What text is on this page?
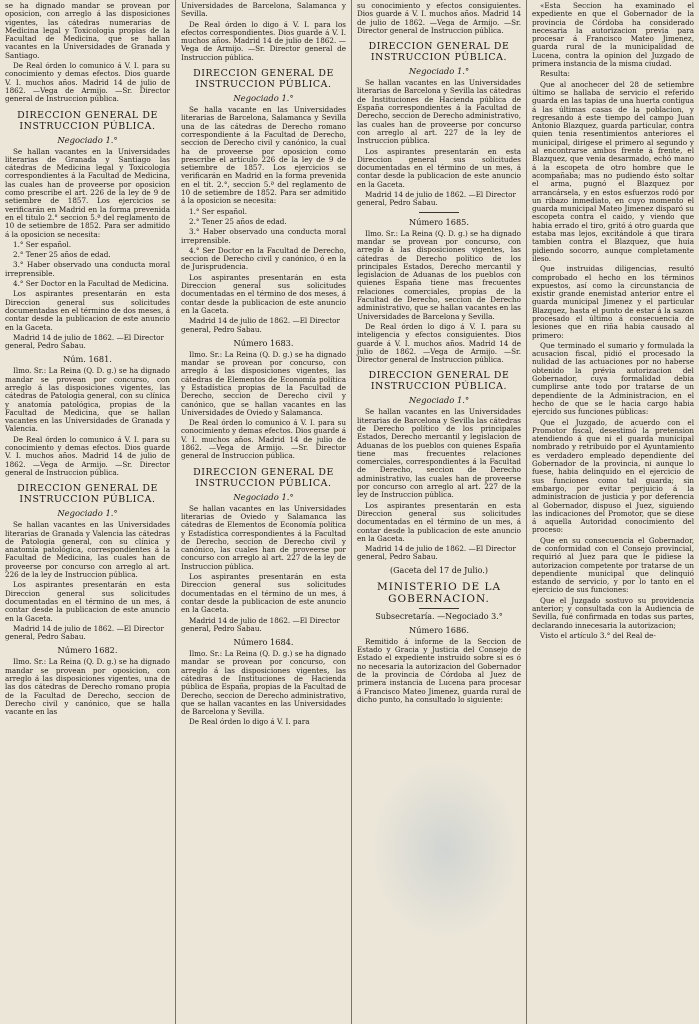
se ha dignado mandar se provean por oposicion, con arreglo á las disposiciones vigentes, las cátedras numerarias de Medicina legal y Toxicologia propias de la Facultad de Medicina, que se hallan vacantes en la Universidades de Granada y Santiago.

De Real órden lo comunico á V. I. para su conocimiento y demas efectos. Dios guarde V. I. muchos años. Madrid 14 de julio de 1862. —Vega de Armijo. —Sr. Director general de Instruccion pública.

DIRECCION GENERAL DE INSTRUCCION PÚBLICA.
Negociado 1.°

Se hallan vacantes en la Universidades literarias de Granada y Santiago las cátedras de Medicina legal y Toxicologia correspondientes á la Facultad de Medicina, las cuales han de proveerse por oposicion como prescribe el art. 226 de la ley de 9 de setiembre de 1857. Los ejercicios se verificarán en Madrid en la forma prevenida en el titulo 2.° seccion 5.ª del reglamento de 10 de setiembre de 1852. Para ser admitido á la oposicion se necesita:

1.° Ser español.

2.° Tener 25 años de edad.

3.° Haber observado una conducta moral irreprensible.

4.° Ser Doctor en la Facultad de Medicina.

Los aspirantes presentarán en esta Direccion general sus solicitudes documentadas en el término de dos meses, á contar desde la publicacion de este anuncio en la Gaceta.

Madrid 14 de julio de 1862. —El Director general, Pedro Sabau.

Núm. 1681.

Ilmo. Sr.: La Reina (Q. D. g.) se ha dignado mandar se provean por concurso, con arreglo á las disposiciones vigentes, las cátedras de Patologia general, con su clínica y anatomía patológica, propias de la Facultad de Medicina, que se hallan vacantes en las Universidades de Granada y Valencia.

De Real órden lo comunico á V. I. para su conocimiento y demas efectos. Dios guarde V. I. muchos años. Madrid 14 de julio de 1862. —Vega de Armijo. —Sr. Director general de Instruccion pública.

DIRECCION GENERAL DE INSTRUCCION PÚBLICA.
Negociado 1.°

Se hallan vacantes en las Universidades literarias de Granada y Valencia las cátedras de Patologia general, con su clínica y anatomía patológica, correspondientes á la Facultad de Medicina, las cuales han de proveerse por concurso con arreglo al art. 226 de la ley de Instruccion pública.

Los aspirantes presentarán en esta Direccion general sus solicitudes documentadas en el término de un mes, á contar desde la publicacion de este anuncio en la Gaceta.

Madrid 14 de julio de 1862. —El Director general, Pedro Sabau.

Número 1682.

Ilmo. Sr.: La Reina (Q. D. g.) se ha dignado mandar se provean por oposicion, con arreglo á las disposiciones vigentes, una de las dos cátedras de Derecho romano propia de la Facultad de Derecho, seccion de Derecho civil y canónico, que se halla vacante en las

Universidades de Barcelona, Salamanca y Sevilla.

De Real órden lo digo á V. I. para los efectos correspondientes. Dios guarde á V. I. muchos años. Madrid 14 de julio de 1862. —Vega de Armijo. —Sr. Director general de Instruccion pública.

DIRECCION GENERAL DE INSTRUCCION PÚBLICA.
Negociado 1.°

Se halla vacante en las Universidades literarias de Barcelona, Salamanca y Sevilla una de las cátedras de Derecho romano correspondiente á la Facultad de Derecho, seccion de Derecho civil y canónico, la cual ha de proveerse por oposicion como prescribe el artículo 226 de la ley de 9 de setiembre de 1857. Los ejercicios se verificarán en Madrid en la forma prevenida en el tít. 2.°, seccion 5.ª del reglamento de 10 de setiembre de 1852. Para ser admitido á la oposicion se necesita:

1.° Ser español.

2.° Tener 25 años de edad.

3.° Haber observado una conducta moral irreprensible.

4.° Ser Doctor en la Facultad de Derecho, seccion de Derecho civil y canónico, ó en la de Jurisprudencia.

Los aspirantes presentarán en esta Direccion general sus solicitudes documentadas en el término de dos meses, á contar desde la publicacion de este anuncio en la Gaceta.

Madrid 14 de julio de 1862. —El Director general, Pedro Sabau.

Número 1683.

Ilmo. Sr.: La Reina (Q. D. g.) se ha dignado mandar se provean por concurso, con arreglo á las disposiciones vigentes, las cátedras de Elementos de Economía política y Estadística propias de la Facultad de Derecho, seccion de Derecho civil y canónico, que se hallan vacantes en las Universidades de Oviedo y Salamanca.

De Real órden lo comunico á V. I. para su conocimiento y demas efectos. Dios guarde á V. I. muchos años. Madrid 14 de julio de 1862. —Vega de Armijo. —Sr. Director general de Instruccion pública.

DIRECCION GENERAL DE INSTRUCCION PÚBLICA.
Negociado 1.°

Se hallan vacantes en las Universidades literarias de Oviedo y Salamanca las cátedras de Elementos de Economía política y Estadística correspondientes á la Facultad de Derecho, seccion de Derecho civil y canónico, las cuales han de proveerse por concurso con arreglo al art. 227 de la ley de Instruccion pública.

Los aspirantes presentarán en esta Direccion general sus solicitudes documentadas en el término de un mes, á contar desde la publicacion de este anuncio en la Gaceta.

Madrid 14 de julio de 1862. —El Director general, Pedro Sabau.

Número 1684.

Ilmo. Sr.: La Reina (Q. D. g.) se ha dignado mandar se provean por concurso, con arreglo á las disposiciones vigentes, las cátedras de Instituciones de Hacienda pública de España, propias de la Facultad de Derecho, seccion de Derecho administrativo, que se hallan vacantes en las Universidades de Barcelona y Sevilla.

De Real órden lo digo á V. I. para

su conocimiento y efectos consiguientes. Dios guarde á V. I. muchos años. Madrid 14 de julio de 1862. —Vega de Armijo. —Sr. Director general de Instruccion pública.

DIRECCION GENERAL DE INSTRUCCION PÚBLICA.
Negociado 1.°

Se hallan vacantes en las Universidades literarias de Barcelona y Sevilla las cátedras de Instituciones de Hacienda pública de España correspondientes á la Facultad de Derecho, seccion de Derecho administrativo, las cuales han de proveerse por concurso con arreglo al art. 227 de la ley de Instruccion pública.

Los aspirantes presentarán en esta Direccion general sus solicitudes documentadas en el término de un mes, á contar desde la publicacion de este anuncio en la Gaceta.

Madrid 14 de julio de 1862. —El Director general, Pedro Sabau.

Número 1685.

Ilmo. Sr.: La Reina (Q. D. g.) se ha dignado mandar se provean por concurso, con arreglo á las disposiciones vigentes, las cátedras de Derecho político de los principales Estados, Derecho mercantil y legislacion de Aduanas de los pueblos con quienes España tiene mas frecuentes relaciones comerciales, propias de la Facultad de Derecho, seccion de Derecho administrativo, que se hallan vacantes en las Universidades de Barcelona y Sevilla.

De Real órden lo digo á V. I. para su inteligencia y efectos consiguientes. Dios guarde á V. I. muchos años. Madrid 14 de julio de 1862. —Vega de Armijo. —Sr. Director general de Instruccion pública.

DIRECCION GENERAL DE INSTRUCCION PÚBLICA.
Negociado 1.°

Se hallan vacantes en las Universidades literarias de Barcelona y Sevilla las cátedras de Derecho político de los principales Estados, Derecho mercantil y legislacion de Aduanas de los pueblos con quienes España tiene mas frecuentes relaciones comerciales, correspondientes á la Facultad de Derecho, seccion de Derecho administrativo, las cuales han de proveerse por concurso con arreglo al art. 227 de la ley de Instruccion pública.

Los aspirantes presentarán en esta Direccion general sus solicitudes documentadas en el término de un mes, á contar desde la publicacion de este anuncio en la Gaceta.

Madrid 14 de julio de 1862. —El Director general, Pedro Sabau.

(Gaceta del 17 de Julio.)
MINISTERIO DE LA GOBERNACION.
Subsecretaría. —Negociado 3.°
Número 1686.

Remitido á informe de la Seccion de Estado y Gracia y Justicia del Consejo de Estado el expediente instruido sobre si es ó no necesaria la autorizacion del Gobernador de la provincia de Córdoba al Juez de primera instancia de Lucena para procesar á Francisco Mateo Jimenez, guarda rural de dicho punto, ha consultado lo siguiente:

«Esta Seccion ha examinado el expediente en que el Gobernador de la provincia de Córdoba ha considerado necesaria la autorizacion previa para procesar á Francisco Mateo Jimenez, guarda rural de la municipalidad de Lucena, contra la opinion del Juzgado de primera instancia de la misma ciudad.

Resulta:

Que al anochecer del 28 de setiembre último se hallaba de servicio el referido guarda en las tapias de una huerta contigua á las últimas casas de la poblacion, y regresando á este tiempo del campo Juan Antonio Blazquez, guarda particular, contra quien tenia resentimientos anteriores el municipal, dirigese el primero al segundo y al encontrarse ambos frente á frente, el Blazquez, que venia desarmado, echó mano á la escopeta de otro hombre que le acompañaba; mas no pudiendo ésto soltar el arma, pugnó el Blazquez por arrancársela, y en estos esfuerzos rodó por un ribazo inmediato, en cuyo momento el guarda municipal Mateo Jimenez disparó su escopeta contra el caido, y viendo que habia errado el tiro, gritó á otro guarda que estaba mas lejos, excitándole á que tirara tambien contra el Blazquez, que huia pidiendo socorro, aunque completamente ileso.

Que instruidas diligencias, resultó comprobado el hecho en los términos expuestos, así como la circunstancia de existir grande enemistad anterior entre el guarda municipal Jimenez y el particular Blazquez, hasta el punto de estar á la sazon procesado el último á consecuencia de lesiones que en riña habia causado al primero:

Que terminado el sumario y formulada la acusacion fiscal, pidió el procesado la nulidad de las actuaciones por no haberse obtenido la prévia autorizacion del Gobernador, cuya formalidad debia cumplirse ante todo por tratarse de un dependiente de la Administracion, en el hecho de que se le hacia cargo habia ejercido sus funciones públicas:

Que el Juzgado, de acuerdo con el Promotor fiscal, desestimó la pretension atendiendo á que ni el guarda municipal nombrado y retribuido por el Ayuntamiento es verdadero empleado dependiente del Gobernador de la provincia, ni aunque lo fuese, habia delinquido en el ejercicio de sus funciones como tal guarda; sin embargo, por evitar perjuicio á la administracion de justicia y por deferencia al Gobernador, dispuso el Juez, siguiendo las indicaciones del Promotor, que se diese á aquella Autoridad conocimiento del proceso:

Que en su consecuencia el Gobernador, de conformidad con el Consejo provincial, requirió al Juez para que le pidiese la autorizacion competente por tratarse de un dependiente municipal que delinquió estando de servicio, y por lo tanto en el ejercicio de sus funciones:

Que el Juzgado sostuvo su providencia anterior; y consultada con la Audiencia de Sevilla, fué confirmada en todas sus partes, declarando innecesaria la autorizacion;

Visto el artículo 3.° del Real de-
